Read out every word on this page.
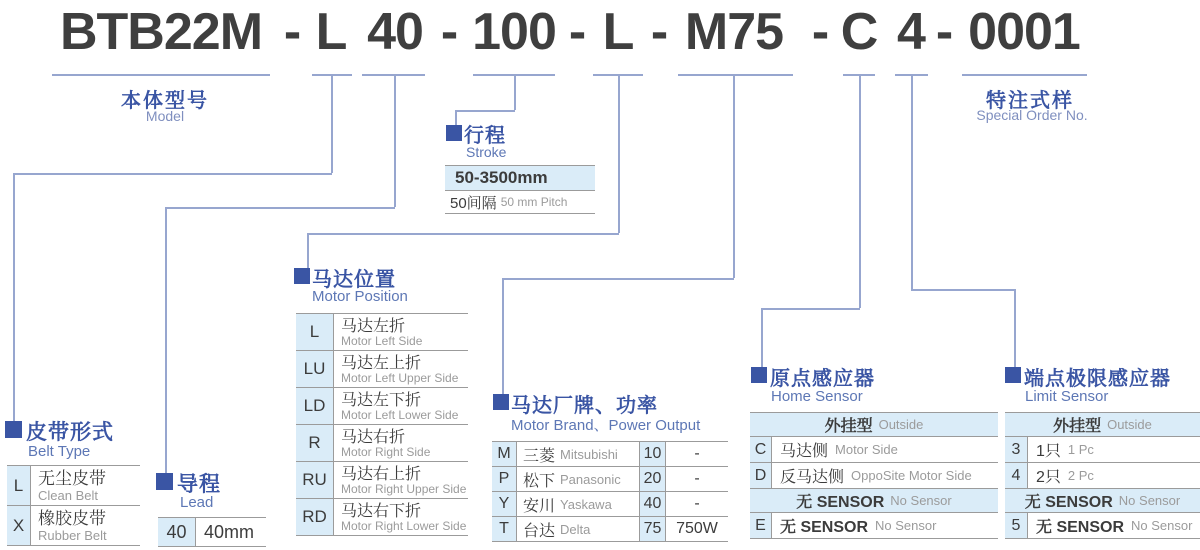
BTB22M - L 40 - 100 - L - M75 - C 4 - 0001
本体型号
Model
特注式样
Special Order No.
行程
Stroke
50-3500mm
50间隔 50 mm Pitch
皮带形式
Belt Type
L 无尘皮带
Clean Belt
X 橡胶皮带
Rubber Belt
导程
Lead
40 40mm
马达位置
Motor Position
L	马达左折
Motor Left Side
LU 马达左上折
Motor Left Upper Side
LD 马达左下折
Motor Left Lower Side
R	马达右折
Motor Right Side
RU 马达右上折
Motor Right Upper Side
RD 马达右下折
Motor Right Lower Side
马达厂牌、功率
Motor Brand、Power Output
M 三菱 Mitsubishi 10	-
P 松下 Panasonic 20	-
Y 安川 Yaskawa 40	-
T 台达 Delta	75 750W
原点感应器
Home Sensor
外挂型 Outside
C 马达侧 Motor Side
D 反马达侧 OppoSite Motor Side
无 SENSOR No Sensor
E 无 SENSOR No Sensor
端点极限感应器
Limit Sensor
外挂型 Outside
3 1只 1 Pc
4 2只 2 Pc
无 SENSOR No Sensor
5 无 SENSOR No Sensor
